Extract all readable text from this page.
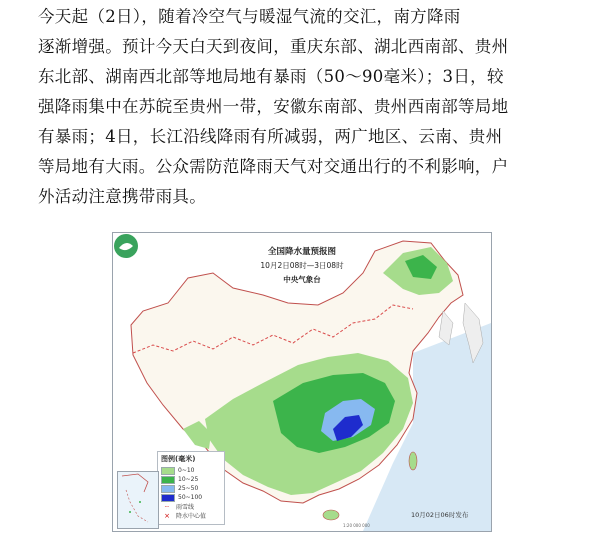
今天起（2日），随着冷空气与暖湿气流的交汇，南方降雨
逐渐增强。预计今天白天到夜间，重庆东部、湖北西南部、贵州
东北部、湖南西北部等地局地有暴雨（50～90毫米）；3日，较
强降雨集中在苏皖至贵州一带，安徽东南部、贵州西南部等局地
有暴雨；4日，长江沿线降雨有所减弱，两广地区、云南、贵州
等局地有大雨。公众需防范降雨天气对交通出行的不利影响，户
外活动注意携带雨具。
全国降水量预报图
10月2日08时—3日08时
中央气象台
图例(毫米)
0~10
10~25
25~50
50~100
┄	雨雪线
×	降水中心值
1:20 000 000
10月02日06时发布
